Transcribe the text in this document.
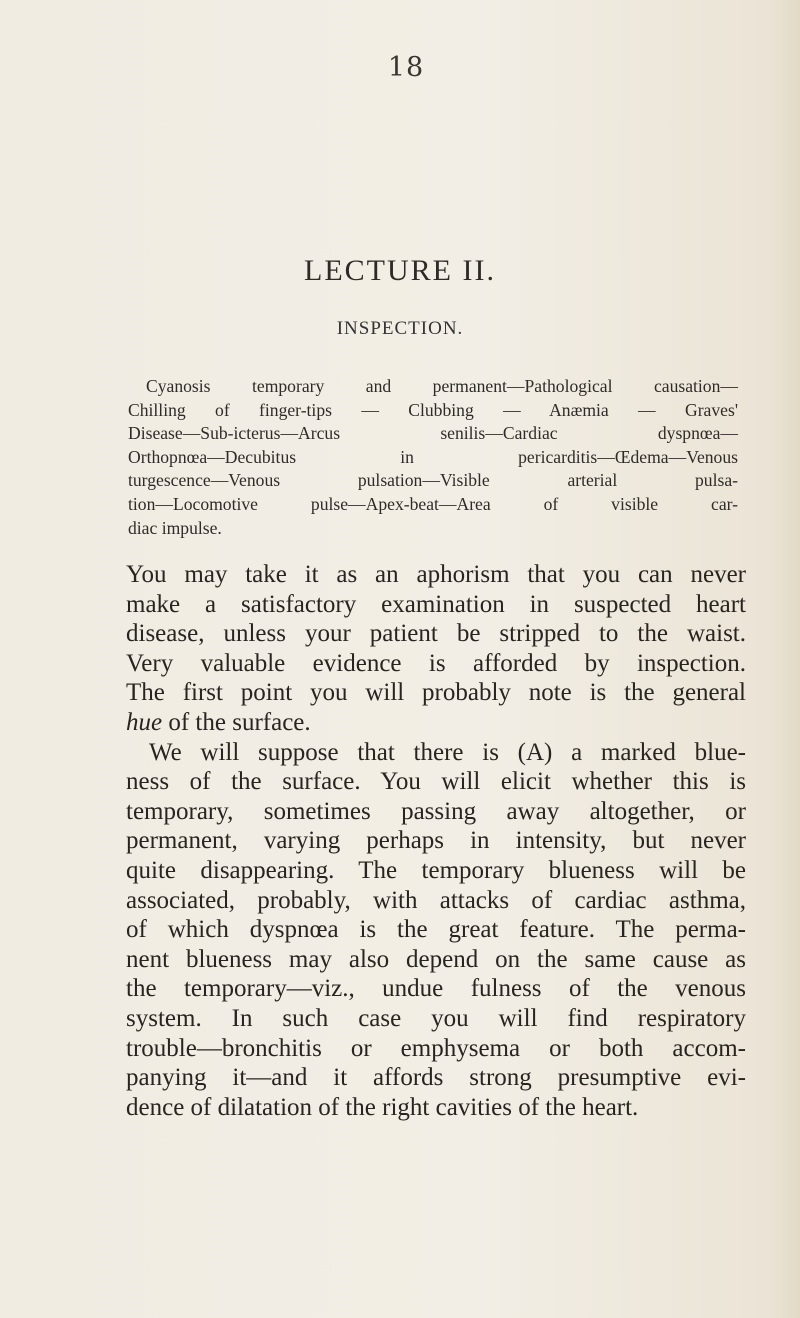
18
LECTURE II.
INSPECTION.
Cyanosis temporary and permanent—Pathological causation—
Chilling of finger-tips — Clubbing — Anæmia — Graves'
Disease—Sub-icterus—Arcus senilis—Cardiac dyspnœa—
Orthopnœa—Decubitus in pericarditis—Œdema—Venous
turgescence—Venous pulsation—Visible arterial pulsa-
tion—Locomotive pulse—Apex-beat—Area of visible car-
diac impulse.
You may take it as an aphorism that you can never
make a satisfactory examination in suspected heart
disease, unless your patient be stripped to the waist.
Very valuable evidence is afforded by inspection.
The first point you will probably note is the general
hue of the surface.
We will suppose that there is (A) a marked blue-
ness of the surface. You will elicit whether this is
temporary, sometimes passing away altogether, or
permanent, varying perhaps in intensity, but never
quite disappearing. The temporary blueness will be
associated, probably, with attacks of cardiac asthma,
of which dyspnœa is the great feature. The perma-
nent blueness may also depend on the same cause as
the temporary—viz., undue fulness of the venous
system. In such case you will find respiratory
trouble—bronchitis or emphysema or both accom-
panying it—and it affords strong presumptive evi-
dence of dilatation of the right cavities of the heart.
